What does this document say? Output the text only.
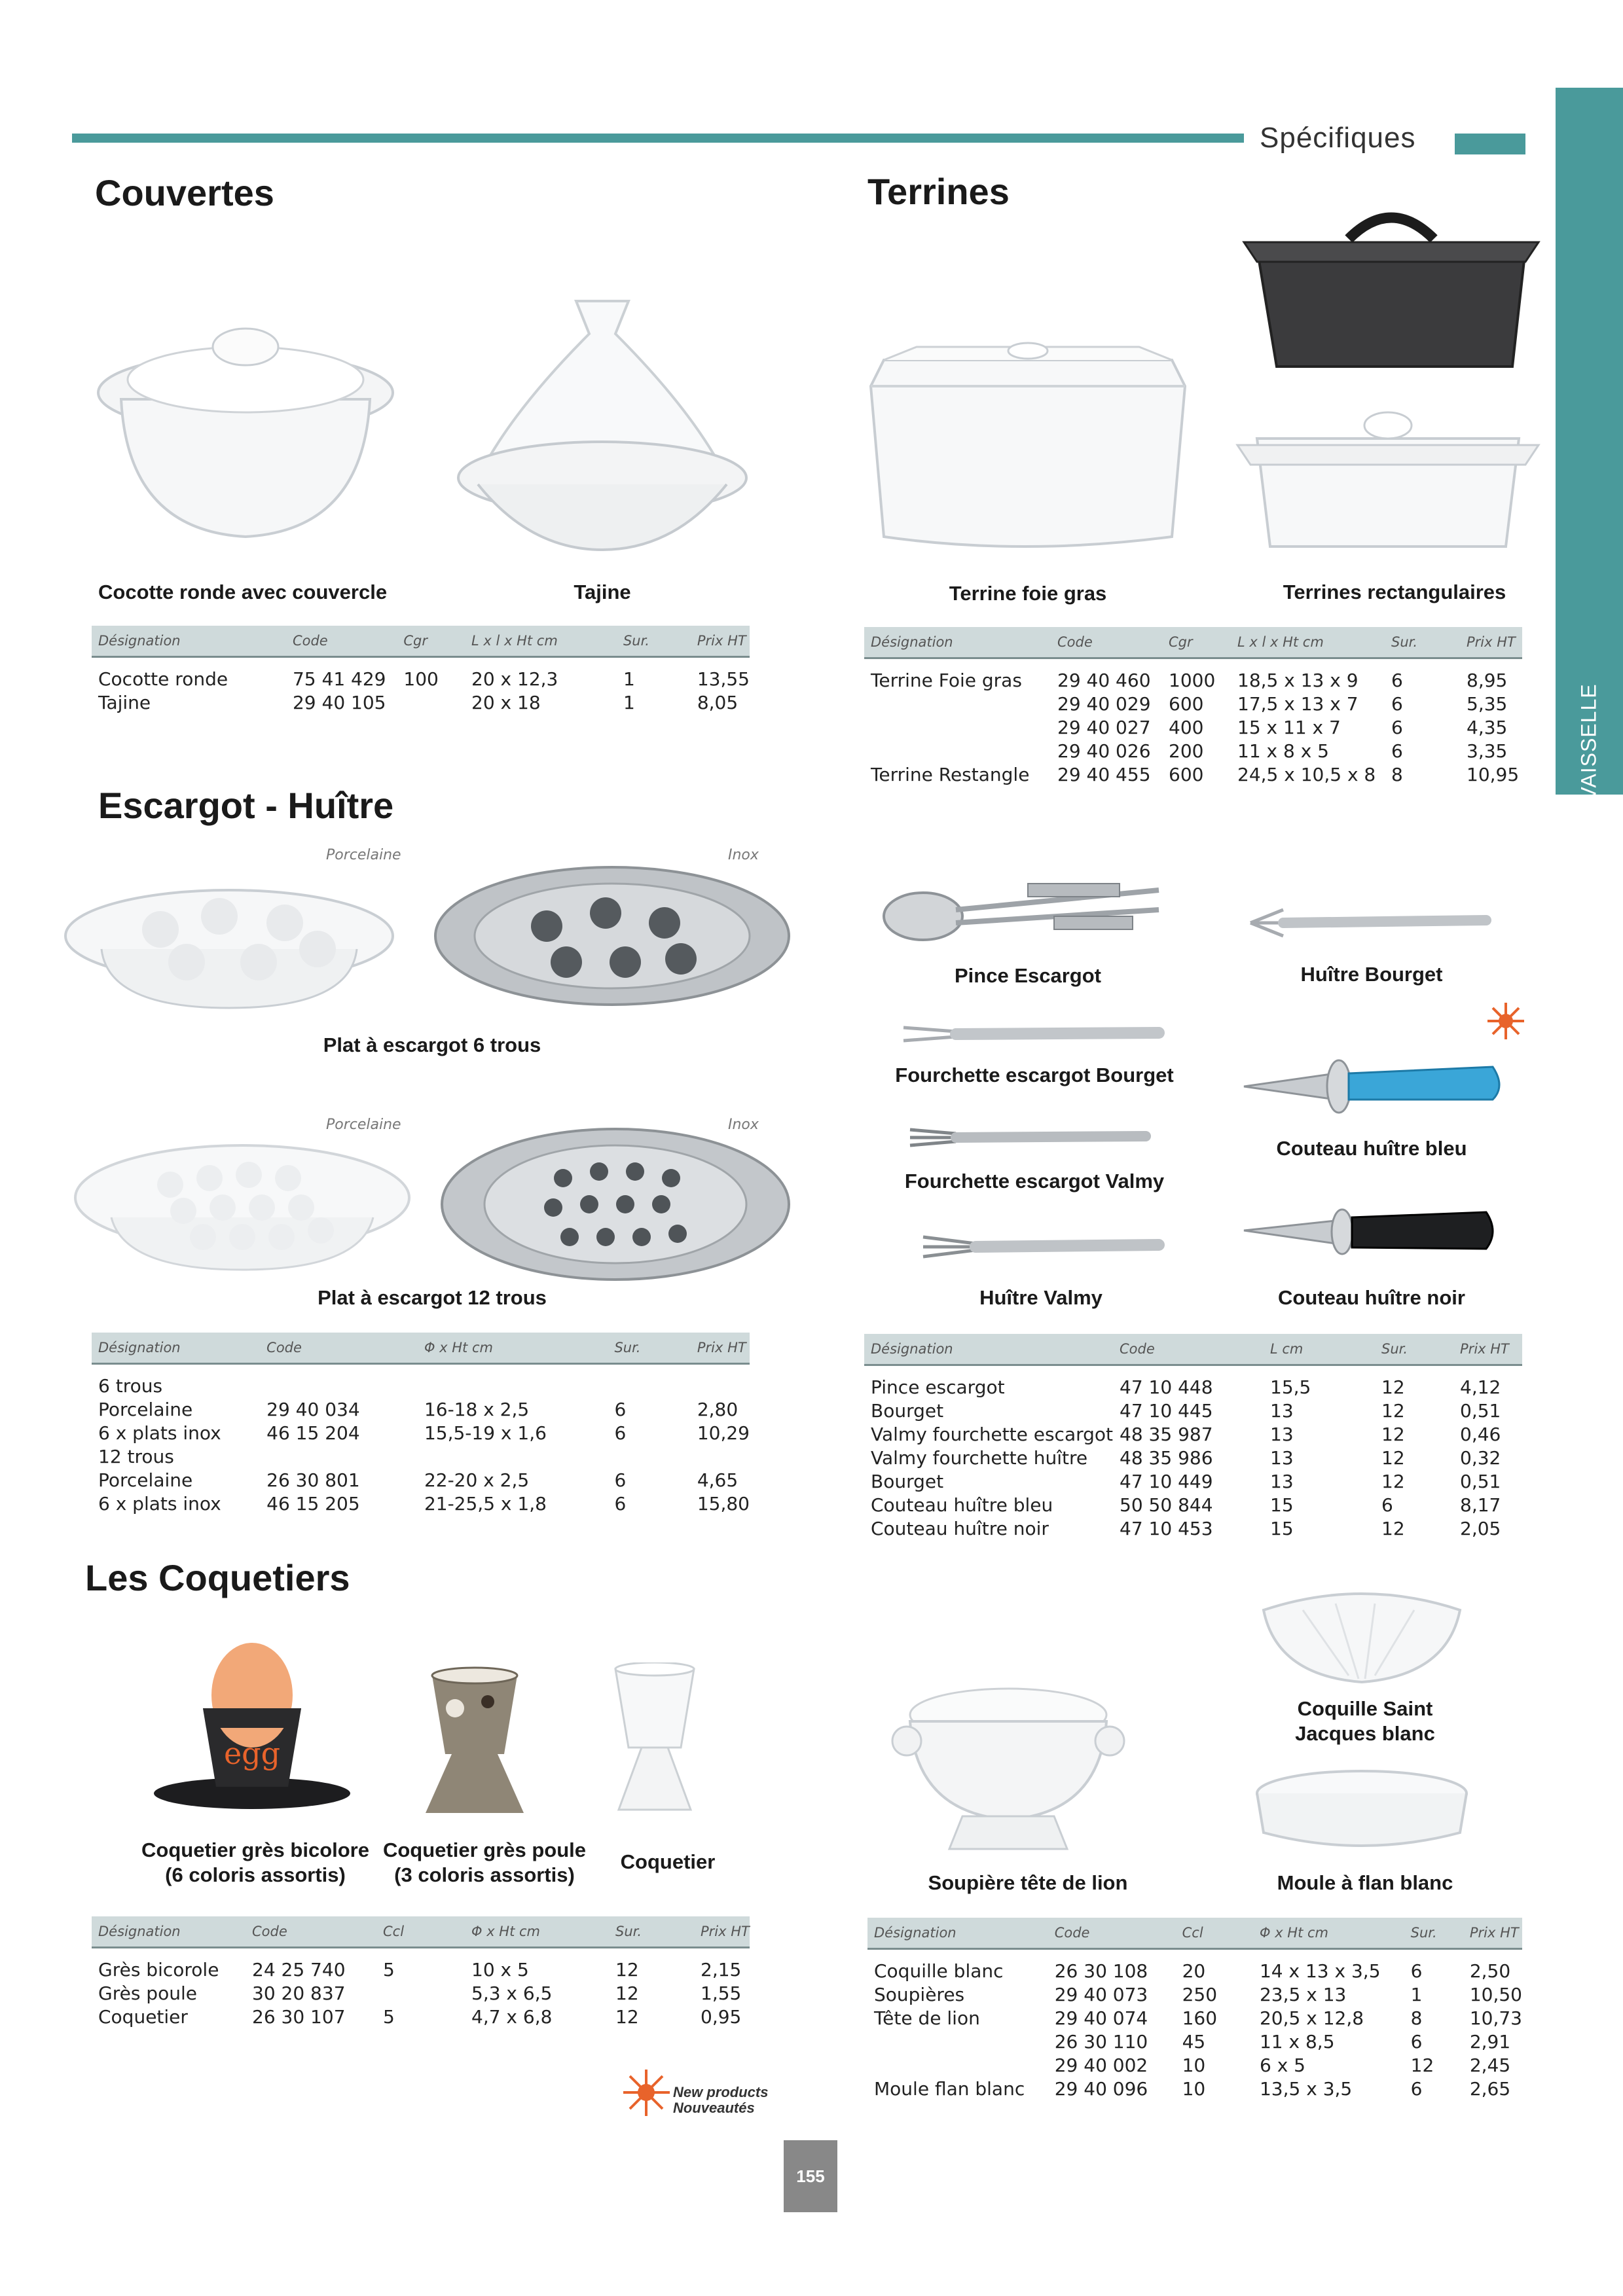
Spécifiques
VAISSELLE
Couvertes
Cocotte ronde avec couvercle	Tajine
Désignation	Code	Cgr	L x l x Ht cm	Sur.	Prix HT
Cocotte ronde	75 41 429	100	20 x 12,3	1	13,55
Tajine	29 40 105		20 x 18	1	8,05
Terrines
Terrine foie gras	Terrines rectangulaires
Désignation	Code	Cgr	L x l x Ht cm	Sur.	Prix HT
Terrine Foie gras	29 40 460	1000	18,5 x 13 x 9	6	8,95
	29 40 029	600	17,5 x 13 x 7	6	5,35
	29 40 027	400	15 x 11 x 7	6	4,35
	29 40 026	200	11 x 8 x 5	6	3,35
Terrine Restangle	29 40 455	600	24,5 x 10,5 x 8	8	10,95
Escargot - Huître
Porcelaine	Inox
Plat à escargot 6 trous
Porcelaine	Inox
Plat à escargot 12 trous
Désignation	Code	Φ x Ht cm	Sur.	Prix HT
6 trous				
Porcelaine	29 40 034	16-18 x 2,5	6	2,80
6 x plats inox	46 15 204	15,5-19 x 1,6	6	10,29
12 trous				
Porcelaine	26 30 801	22-20 x 2,5	6	4,65
6 x plats inox	46 15 205	21-25,5 x 1,8	6	15,80
Pince Escargot	Huître Bourget
Fourchette escargot Bourget
Couteau huître bleu
Fourchette escargot Valmy
Huître Valmy	Couteau huître noir
Désignation	Code	L cm	Sur.	Prix HT
Pince escargot	47 10 448	15,5	12	4,12
Bourget	47 10 445	13	12	0,51
Valmy fourchette escargot	48 35 987	13	12	0,46
Valmy fourchette huître	48 35 986	13	12	0,32
Bourget	47 10 449	13	12	0,51
Couteau huître bleu	50 50 844	15	6	8,17
Couteau huître noir	47 10 453	15	12	2,05
Les Coquetiers
egg
Coquetier grès bicolore
(6 coloris assortis)
Coquetier grès poule
(3 coloris assortis)
Coquetier
Désignation	Code	Ccl	Φ x Ht cm	Sur.	Prix HT
Grès bicorole	24 25 740	5	10 x 5	12	2,15
Grès poule	30 20 837		5,3 x 6,5	12	1,55
Coquetier	26 30 107	5	4,7 x 6,8	12	0,95
Coquille Saint
Jacques blanc
Soupière tête de lion	Moule à flan blanc
Désignation	Code	Ccl	Φ x Ht cm	Sur.	Prix HT
Coquille blanc	26 30 108	20	14 x 13 x 3,5	6	2,50
Soupières	29 40 073	250	23,5 x 13	1	10,50
Tête de lion	29 40 074	160	20,5 x 12,8	8	10,73
	26 30 110	45	11 x 8,5	6	2,91
	29 40 002	10	6 x 5	12	2,45
Moule flan blanc	29 40 096	10	13,5 x 3,5	6	2,65
New products
Nouveautés
155
